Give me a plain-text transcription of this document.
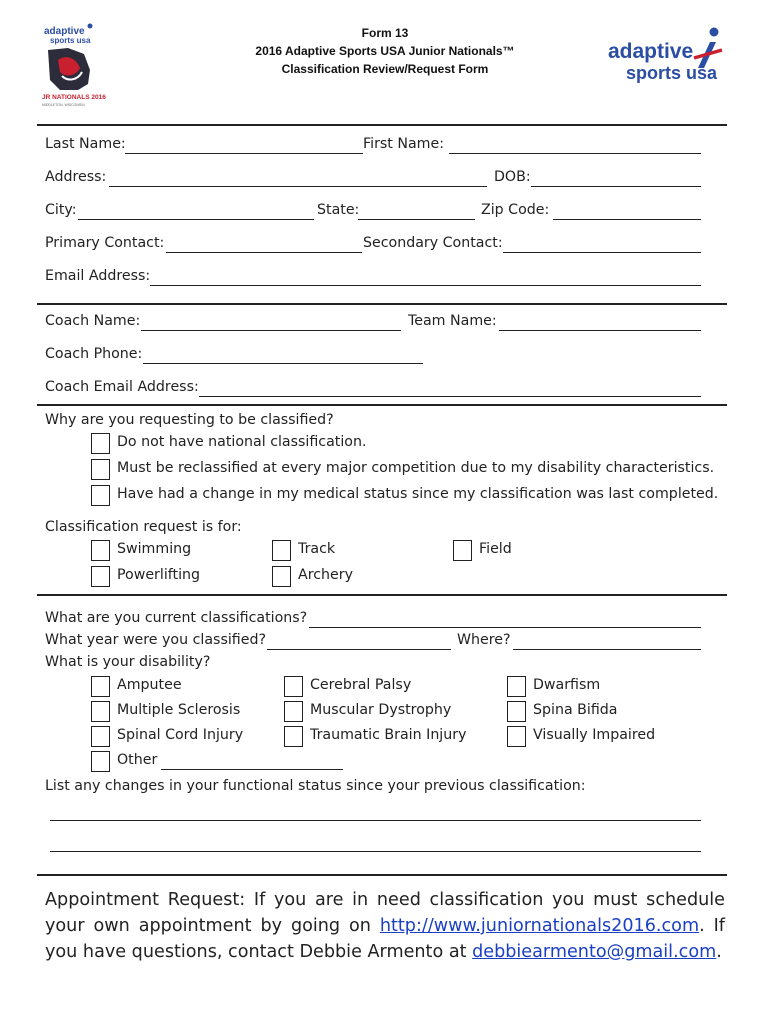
Form 13
2016 Adaptive Sports USA Junior Nationals™
Classification Review/Request Form
adaptive
sports usa
JR NATIONALS 2016
MIDDLETON, WISCONSIN
adaptive
sports usa
Last Name:	First Name:
Address:	DOB:
City:	State:	Zip Code:
Primary Contact:	Secondary Contact:
Email Address:
Coach Name:	Team Name:
Coach Phone:
Coach Email Address:
Why are you requesting to be classified?
Do not have national classification.
Must be reclassified at every major competition due to my disability characteristics.
Have had a change in my medical status since my classification was last completed.
Classification request is for:
Swimming	Track	Field
Powerlifting	Archery
What are you current classifications?
What year were you classified?	Where?
What is your disability?
Amputee	Cerebral Palsy	Dwarfism
Multiple Sclerosis	Muscular Dystrophy	Spina Bifida
Spinal Cord Injury	Traumatic Brain Injury	Visually Impaired
Other
List any changes in your functional status since your previous classification:
Appointment Request: If you are in need classification you must schedule your own appointment by going on http://www.juniornationals2016.com. If you have questions, contact Debbie Armento at debbiearmento@gmail.com.
